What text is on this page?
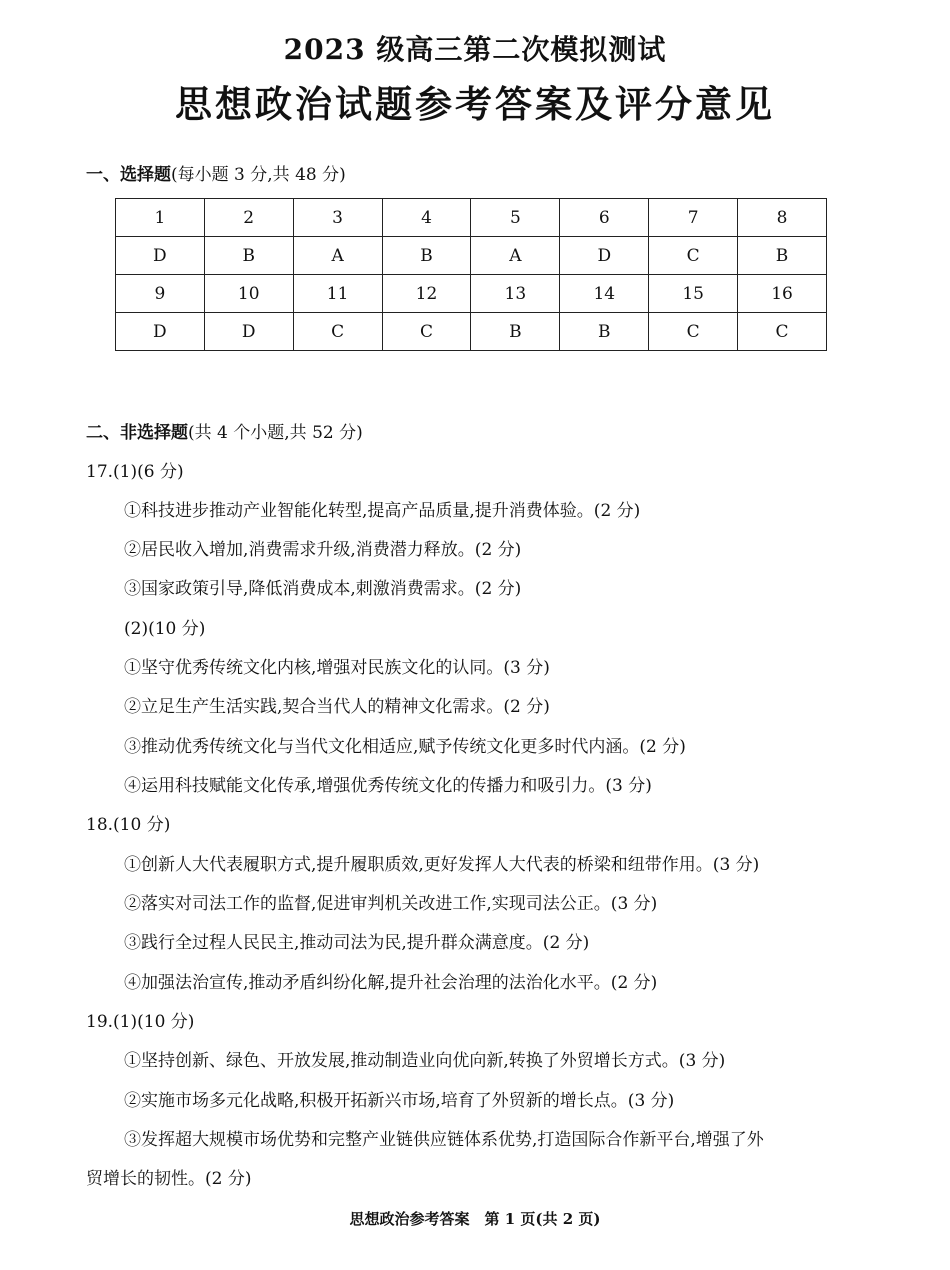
2023 级高三第二次模拟测试
思想政治试题参考答案及评分意见
一、选择题(每小题 3 分,共 48 分)
1	2	3	4	5	6	7	8
D	B	A	B	A	D	C	B
9	10	11	12	13	14	15	16
D	D	C	C	B	B	C	C
二、非选择题(共 4 个小题,共 52 分)
17.(1)(6 分)
①科技进步推动产业智能化转型,提高产品质量,提升消费体验。(2 分)
②居民收入增加,消费需求升级,消费潜力释放。(2 分)
③国家政策引导,降低消费成本,刺激消费需求。(2 分)
(2)(10 分)
①坚守优秀传统文化内核,增强对民族文化的认同。(3 分)
②立足生产生活实践,契合当代人的精神文化需求。(2 分)
③推动优秀传统文化与当代文化相适应,赋予传统文化更多时代内涵。(2 分)
④运用科技赋能文化传承,增强优秀传统文化的传播力和吸引力。(3 分)
18.(10 分)
①创新人大代表履职方式,提升履职质效,更好发挥人大代表的桥梁和纽带作用。(3 分)
②落实对司法工作的监督,促进审判机关改进工作,实现司法公正。(3 分)
③践行全过程人民民主,推动司法为民,提升群众满意度。(2 分)
④加强法治宣传,推动矛盾纠纷化解,提升社会治理的法治化水平。(2 分)
19.(1)(10 分)
①坚持创新、绿色、开放发展,推动制造业向优向新,转换了外贸增长方式。(3 分)
②实施市场多元化战略,积极开拓新兴市场,培育了外贸新的增长点。(3 分)
③发挥超大规模市场优势和完整产业链供应链体系优势,打造国际合作新平台,增强了外
贸增长的韧性。(2 分)
思想政治参考答案　第 1 页(共 2 页)
